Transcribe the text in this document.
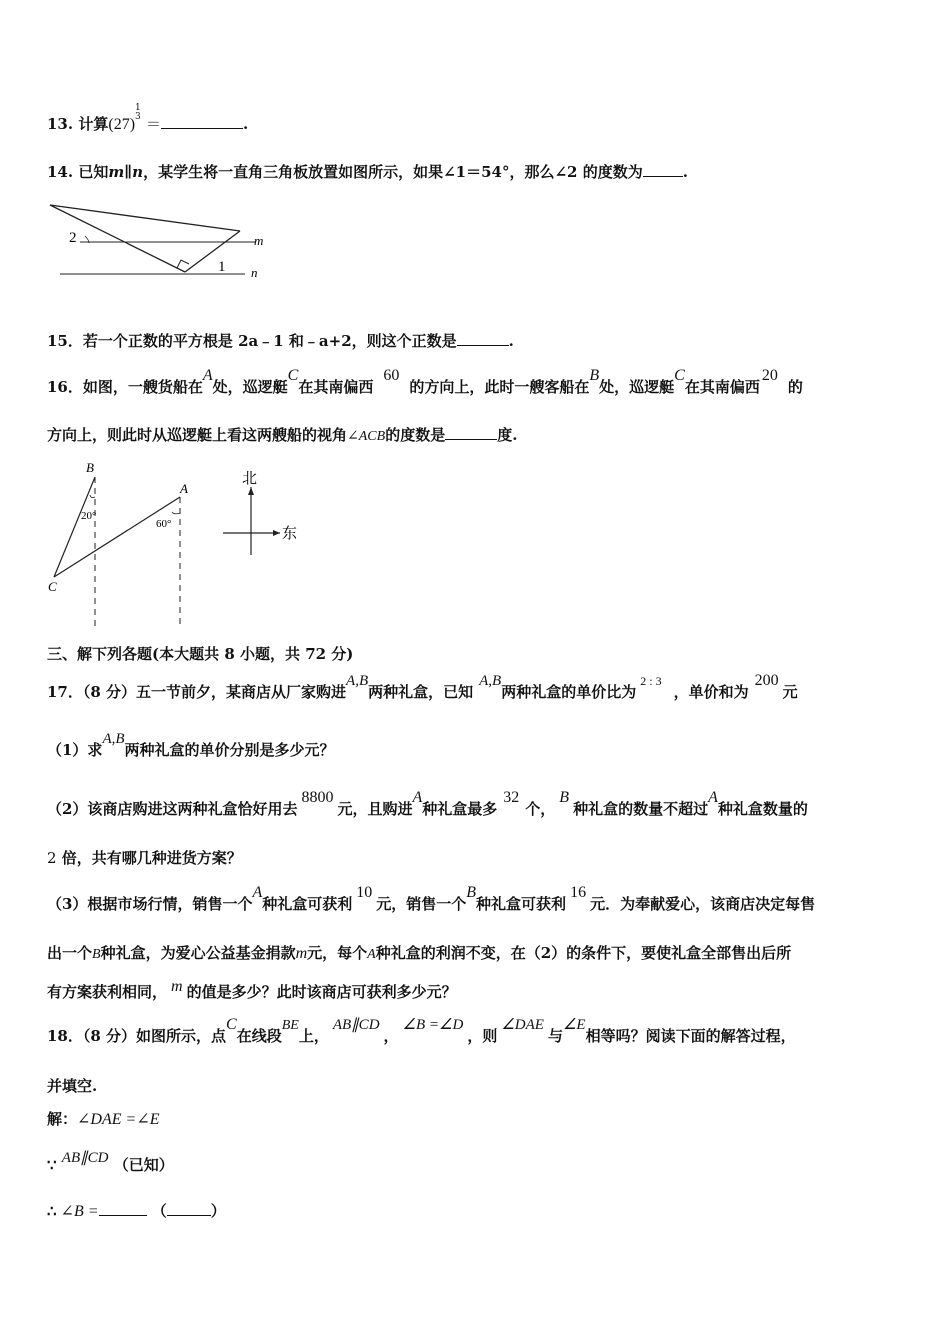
13. 计算(27)
1
3 ＝	.
14. 已知m∥n，某学生将一直角三角板放置如图所示，如果∠1＝54°，那么∠2 的度数为	.
2
1
m
n
15．若一个正数的平方根是 2a﹣1 和﹣a+2，则这个正数是	.
16．如图，一艘货船在A处，巡逻艇C在其南偏西60的方向上，此时一艘客船在B处，巡逻艇C在其南偏西20的
方向上，则此时从巡逻艇上看这两艘船的视角∠ACB的度数是	度.
B
A
C
20°
60°
北
东
三、解下列各题(本大题共 8 小题，共 72 分)
17．（8 分）五一节前夕，某商店从厂家购进A,B两种礼盒，已知A,B两种礼盒的单价比为$^{2 : 3}$，单价和为200元
（1）求A,B两种礼盒的单价分别是多少元？
（2）该商店购进这两种礼盒恰好用去8800元，且购进A种礼盒最多32个，B种礼盒的数量不超过A种礼盒数量的
2 倍，共有哪几种进货方案？
（3）根据市场行情，销售一个A种礼盒可获利10元，销售一个B种礼盒可获利16元．为奉献爱心，该商店决定每售
出一个B种礼盒，为爱心公益基金捐款m元，每个A种礼盒的利润不变，在（2）的条件下，要使礼盒全部售出后所
有方案获利相同， m 的值是多少？此时该商店可获利多少元？
18．（8 分）如图所示，点C在线段BE上，AB∥CD，∠B =∠D，则∠DAE与∠E相等吗？阅读下面的解答过程，
并填空.
解：∠DAE =∠E
∵ AB∥CD （已知）
∴ ∠B =	（	）
